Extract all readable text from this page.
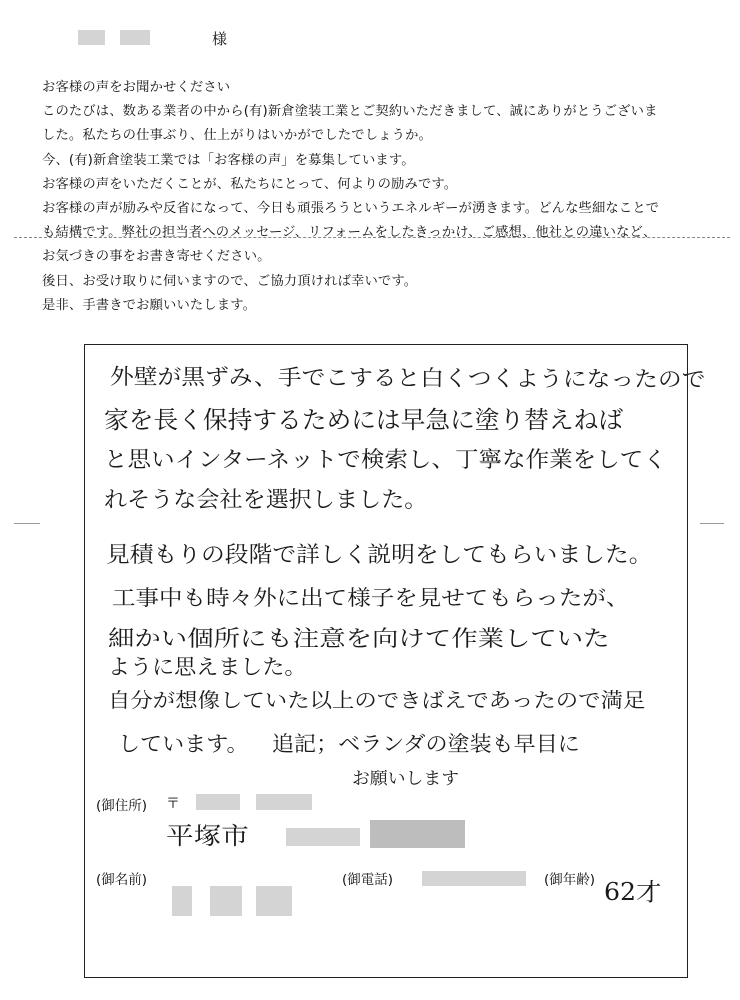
様
お客様の声をお聞かせください
このたびは、数ある業者の中から(有)新倉塗装工業とご契約いただきまして、誠にありがとうございま
した。私たちの仕事ぶり、仕上がりはいかがでしたでしょうか。
今、(有)新倉塗装工業では「お客様の声」を募集しています。
お客様の声をいただくことが、私たちにとって、何よりの励みです。
お客様の声が励みや反省になって、今日も頑張ろうというエネルギーが湧きます。どんな些細なことで
も結構です。弊社の担当者へのメッセージ、リフォームをしたきっかけ、ご感想、他社との違いなど、
お気づきの事をお書き寄せください。
後日、お受け取りに伺いますので、ご協力頂ければ幸いです。
是非、手書きでお願いいたします。
外壁が黒ずみ、手でこすると白くつくようになったので
家を長く保持するためには早急に塗り替えねば
と思いインターネットで検索し、丁寧な作業をしてく
れそうな会社を選択しました。
見積もりの段階で詳しく説明をしてもらいました。
工事中も時々外に出て様子を見せてもらったが、
細かい個所にも注意を向けて作業していた
ように思えました。
自分が想像していた以上のできばえであったので満足
しています。 追記；ベランダの塗装も早目に
お願いします
(御住所) 〒
平塚市
(御名前)	(御電話)	(御年齢) 62才
